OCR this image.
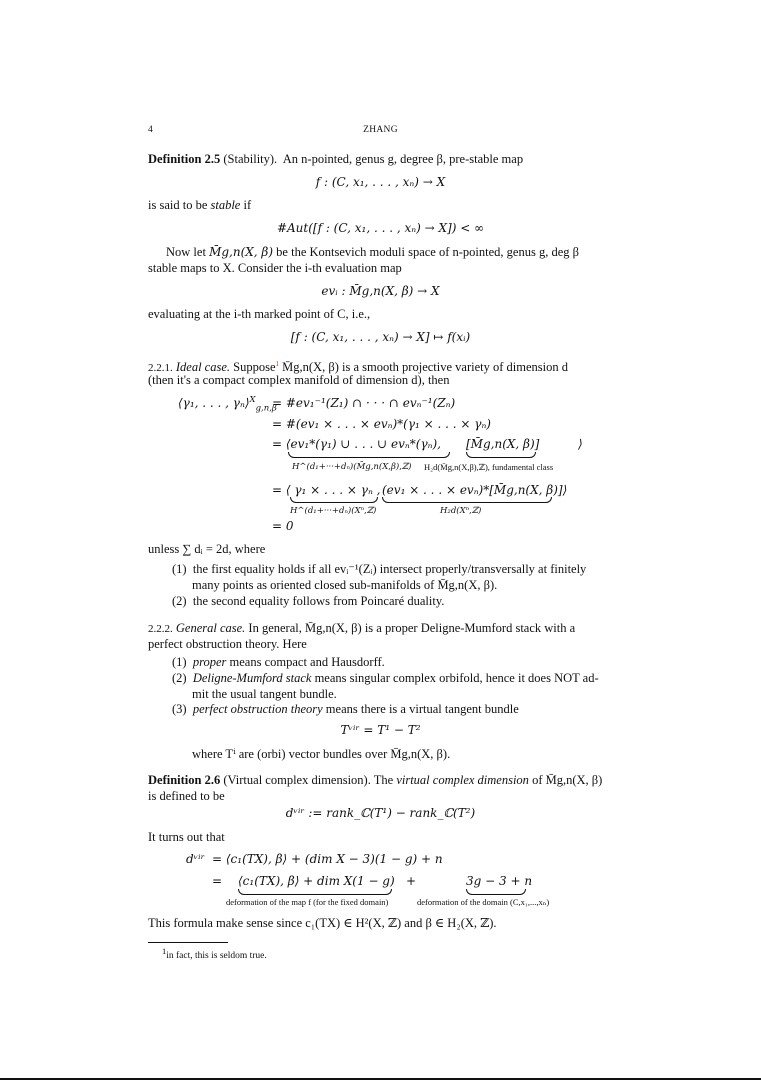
4	ZHANG
Definition 2.5 (Stability). An n-pointed, genus g, degree β, pre-stable map
f : (C, x₁, . . . , xₙ) → X
is said to be stable if
#Aut([f : (C, x₁, . . . , xₙ) → X]) < ∞
Now let M̄g,n(X, β) be the Kontsevich moduli space of n-pointed, genus g, deg β
stable maps to X. Consider the i-th evaluation map
evᵢ : M̄g,n(X, β) → X
evaluating at the i-th marked point of C, i.e.,
[f : (C, x₁, . . . , xₙ) → X] ↦ f(xᵢ)
2.2.1. Ideal case. Suppose$^1$ M̄g,n(X, β) is a smooth projective variety of dimension d
(then it's a compact complex manifold of dimension d), then
⟨γ₁, . . . , γₙ⟩$^X_{g,n,\beta}$
= #ev₁⁻¹(Z₁) ∩ · · · ∩ evₙ⁻¹(Zₙ)
= #(ev₁ × . . . × evₙ)*(γ₁ × . . . × γₙ)
= ⟨ev₁*(γ₁) ∪ . . . ∪ evₙ*(γₙ), [M̄g,n(X, β)]	⟩
H^(d₁+···+dₙ)(M̄g,n(X,β),ℤ) H₂d(M̄g,n(X,β),ℤ), fundamental class
= ⟨ γ₁ × . . . × γₙ , (ev₁ × . . . × evₙ)*[M̄g,n(X, β)]⟩
H^(d₁+···+dₙ)(Xⁿ,ℤ)	H₂d(Xⁿ,ℤ)
= 0
unless ∑ dᵢ = 2d, where
(1) the first equality holds if all evᵢ⁻¹(Zᵢ) intersect properly/transversally at finitely
many points as oriented closed sub-manifolds of M̄g,n(X, β).
(2) the second equality follows from Poincaré duality.
2.2.2. General case. In general, M̄g,n(X, β) is a proper Deligne-Mumford stack with a
perfect obstruction theory. Here
(1) proper means compact and Hausdorff.
(2) Deligne-Mumford stack means singular complex orbifold, hence it does NOT ad-
mit the usual tangent bundle.
(3) perfect obstruction theory means there is a virtual tangent bundle
Tᵛⁱʳ = T¹ − T²
where Tⁱ are (orbi) vector bundles over M̄g,n(X, β).
Definition 2.6 (Virtual complex dimension). The virtual complex dimension of M̄g,n(X, β)
is defined to be
dᵛⁱʳ := rank_ℂ(T¹) − rank_ℂ(T²)
It turns out that
dᵛⁱʳ = ⟨c₁(TX), β⟩ + (dim X − 3)(1 − g) + n
= ⟨c₁(TX), β⟩ + dim X(1 − g) +	3g − 3 + n
deformation of the map f (for the fixed domain)	deformation of the domain (C,x₁,...,xₙ)
This formula make sense since c₁(TX) ∈ H²(X, ℤ) and β ∈ H₂(X, ℤ).
$^1$in fact, this is seldom true.
